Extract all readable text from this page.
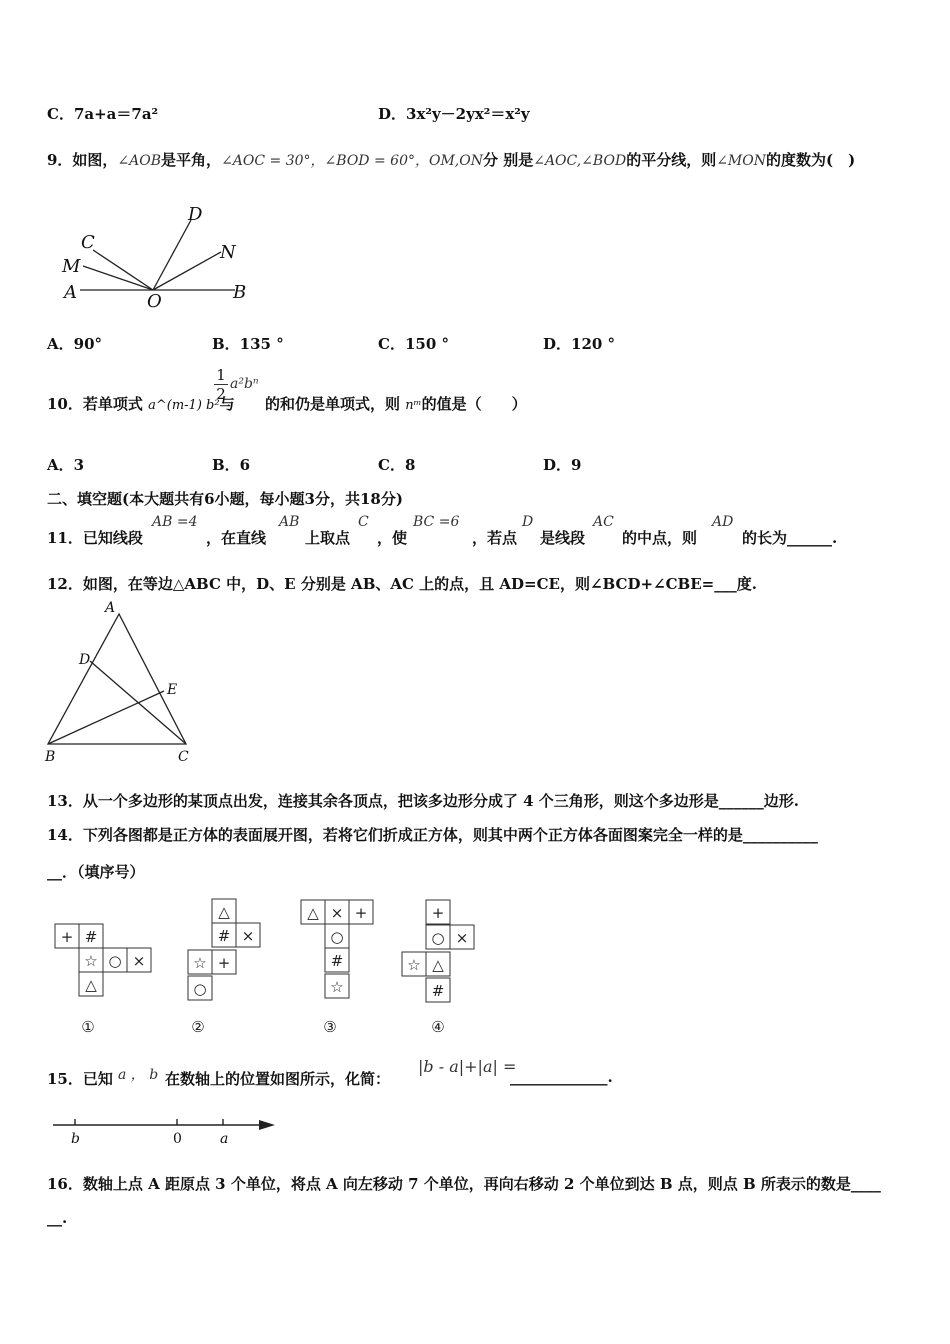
C．7a+a＝7a²	D．3x²y－2yx²＝x²y
9．如图，∠AOB是平角，∠AOC = 30°，∠BOD = 60°，OM,ON分 别是∠AOC,∠BOD的平分线，则∠MON的度数为(　)
D
C
M
N
A	O	B
A．90°	B．135 °	C．150 °	D．120 °
10．若单项式 a^(m-1) b²与
1
2
a²bⁿ
的和仍是单项式，则 nᵐ的值是（　　）
A．3	B．6	C．8	D．9
二、填空题(本大题共有6小题，每小题3分，共18分)
11．已知线段
AB =4
，在直线
AB
上取点
C
，使
BC =6
，若点
D
是线段
AC
的中点，则
AD
的长为______.
12．如图，在等边△ABC 中，D、E 分别是 AB、AC 上的点，且 AD=CE，则∠BCD+∠CBE=___度.
A
D
E
B	C
13．从一个多边形的某顶点出发，连接其余各顶点，把该多边形分成了 4 个三角形，则这个多边形是______边形.
14．下列各图都是正方体的表面展开图，若将它们折成正方体，则其中两个正方体各面图案完全一样的是__________
__．（填序号）
+ #
☆ ○ ×
△
△
# ×
☆ +
○
△ × +
○
#
☆
+
○ ×
☆ △
#
①	②	③	④
15．已知 a ， b 在数轴上的位置如图所示，化简：
|b - a|+|a| =
_____________.
b	0	a
16．数轴上点 A 距原点 3 个单位，将点 A 向左移动 7 个单位，再向右移动 2 个单位到达 B 点，则点 B 所表示的数是____
__.
